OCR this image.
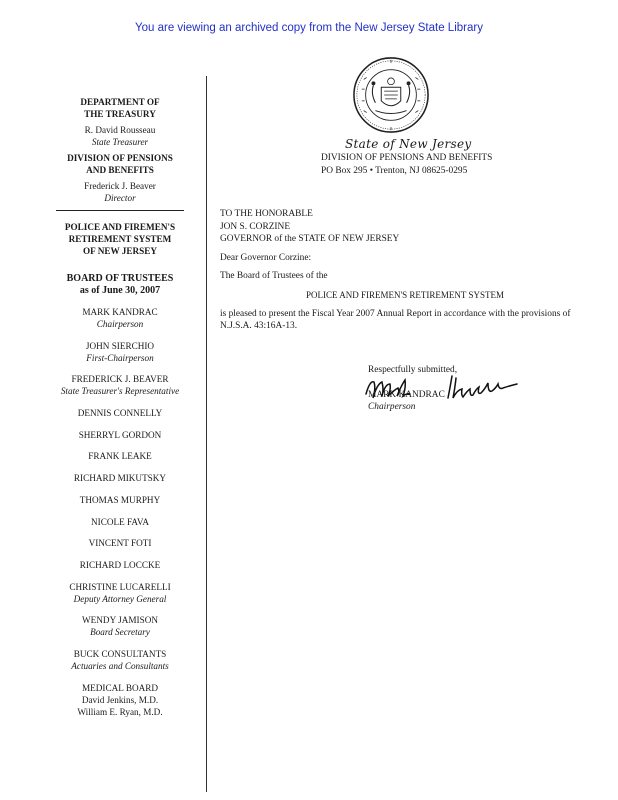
You are viewing an archived copy from the New Jersey State Library
DEPARTMENT OF
THE TREASURY
R. David Rousseau
State Treasurer
DIVISION OF PENSIONS
AND BENEFITS
Frederick J. Beaver
Director
POLICE AND FIREMEN'S
RETIREMENT SYSTEM
OF NEW JERSEY
BOARD OF TRUSTEES
as of June 30, 2007
MARK KANDRAC
Chairperson
JOHN SIERCHIO
First-Chairperson
FREDERICK J. BEAVER
State Treasurer's Representative
DENNIS CONNELLY
SHERRYL GORDON
FRANK LEAKE
RICHARD MIKUTSKY
THOMAS MURPHY
NICOLE FAVA
VINCENT FOTI
RICHARD LOCCKE
CHRISTINE LUCARELLI
Deputy Attorney General
WENDY JAMISON
Board Secretary
BUCK CONSULTANTS
Actuaries and Consultants
MEDICAL BOARD
David Jenkins, M.D.
William E. Ryan, M.D.
State of New Jersey
DIVISION OF PENSIONS AND BENEFITS
PO Box 295 • Trenton, NJ 08625-0295

TO THE HONORABLE

JON S. CORZINE

GOVERNOR of the STATE OF NEW JERSEY

Dear Governor Corzine:

The Board of Trustees of the

POLICE AND FIREMEN'S RETIREMENT SYSTEM

is pleased to present the Fiscal Year 2007 Annual Report in accordance with the provisions of N.J.S.A. 43:16A-13.

Respectfully submitted,
MARK KANDRAC
Chairperson
